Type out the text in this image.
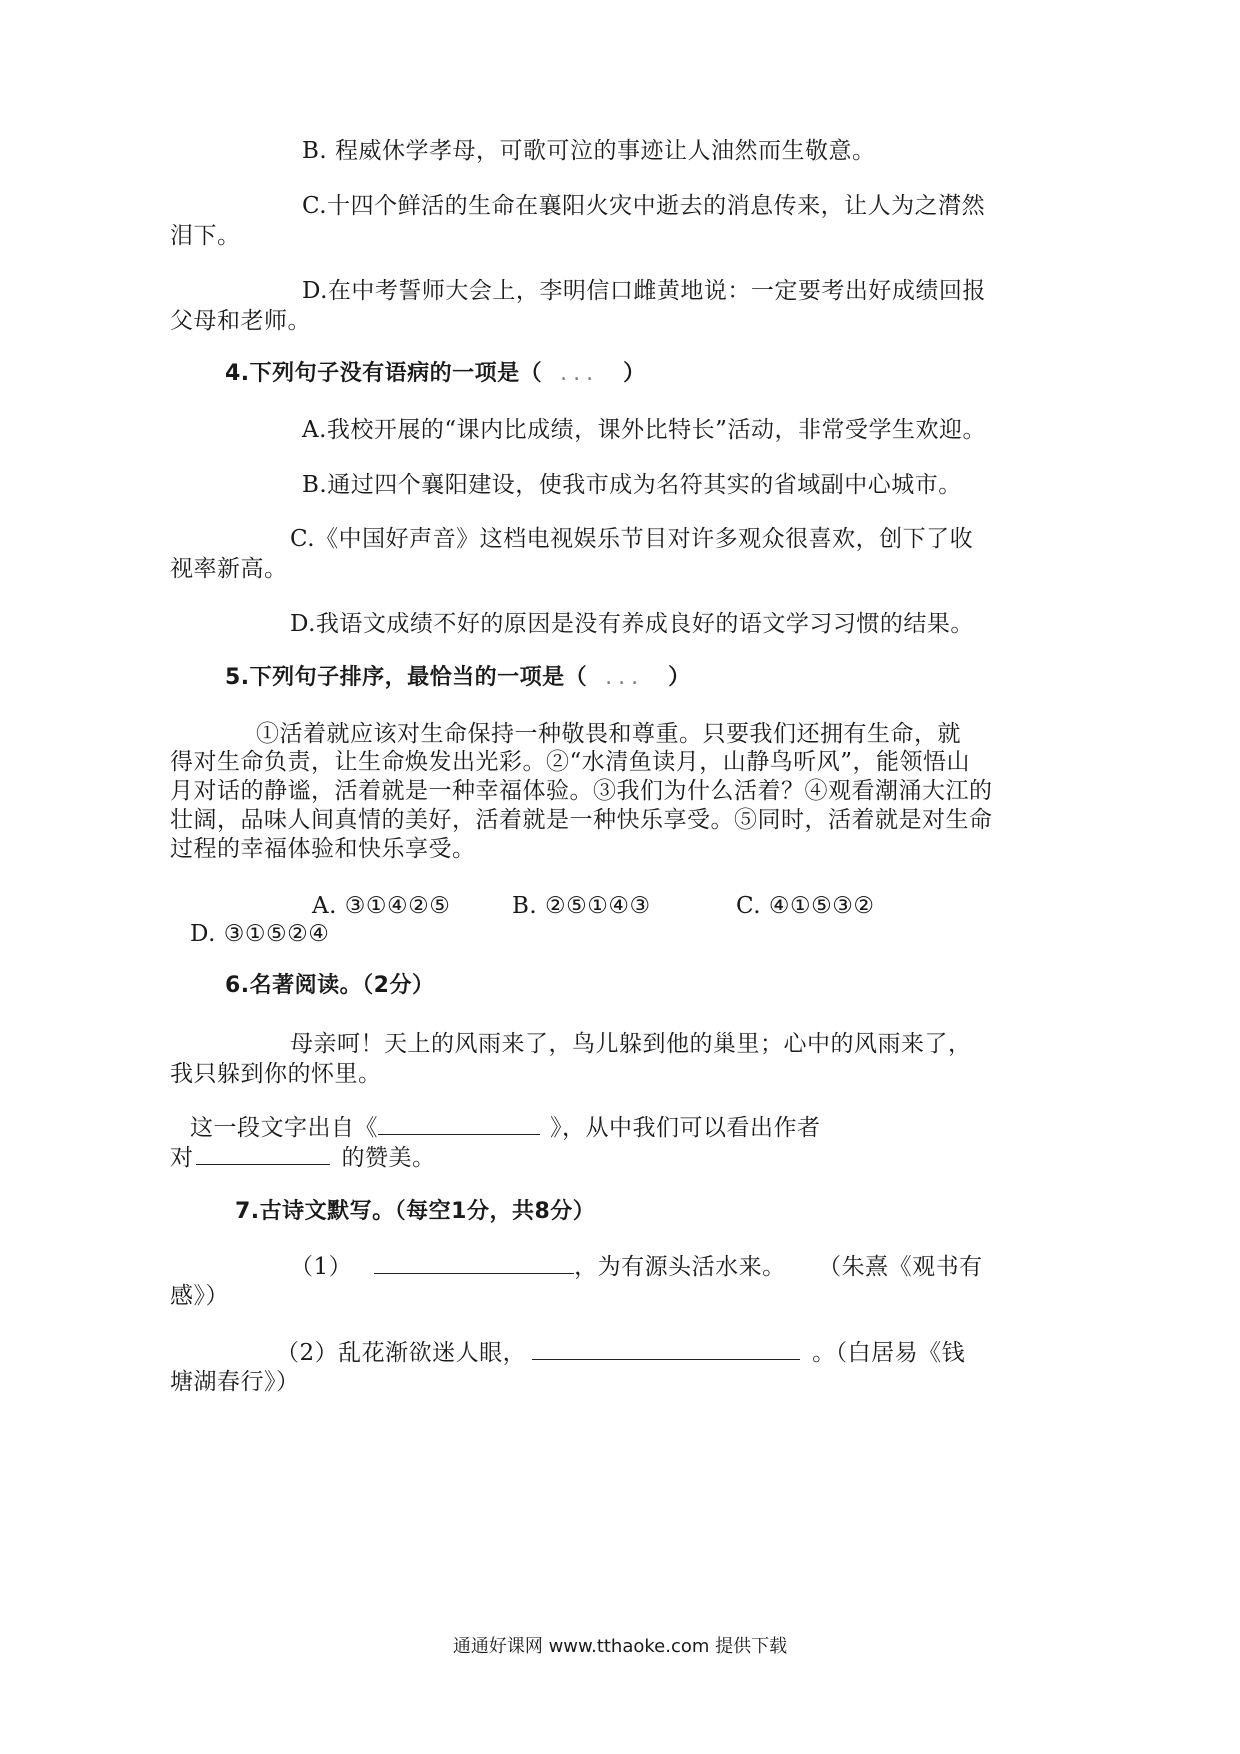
B. 程威休学孝母，可歌可泣的事迹让人油然而生敬意。
C.十四个鲜活的生命在襄阳火灾中逝去的消息传来，让人为之潸然
泪下。
D.在中考誓师大会上，李明信口雌黄地说：一定要考出好成绩回报
父母和老师。
4.下列句子没有语病的一项是（ ... ）
A.我校开展的“课内比成绩，课外比特长”活动，非常受学生欢迎。
B.通过四个襄阳建设，使我市成为名符其实的省域副中心城市。
C.《中国好声音》这档电视娱乐节目对许多观众很喜欢，创下了收
视率新高。
D.我语文成绩不好的原因是没有养成良好的语文学习习惯的结果。
5.下列句子排序，最恰当的一项是（ ... ）
①活着就应该对生命保持一种敬畏和尊重。只要我们还拥有生命，就
得对生命负责，让生命焕发出光彩。②“水清鱼读月，山静鸟听风”，能领悟山
月对话的静谧，活着就是一种幸福体验。③我们为什么活着？④观看潮涌大江的
壮阔，品味人间真情的美好，活着就是一种快乐享受。⑤同时，活着就是对生命
过程的幸福体验和快乐享受。
A. ③①④②⑤	B. ②⑤①④③	C. ④①⑤③②
D. ③①⑤②④
6.名著阅读。（2分）
母亲呵！天上的风雨来了，鸟儿躲到他的巢里；心中的风雨来了，
我只躲到你的怀里。
这一段文字出自《	》，从中我们可以看出作者
对	的赞美。
7.古诗文默写。（每空1分，共8分）
（1）	，为有源头活水来。 （朱熹《观书有
感》）
（2）乱花渐欲迷人眼，	。（白居易《钱
塘湖春行》）
通通好课网 www.tthaoke.com 提供下载
